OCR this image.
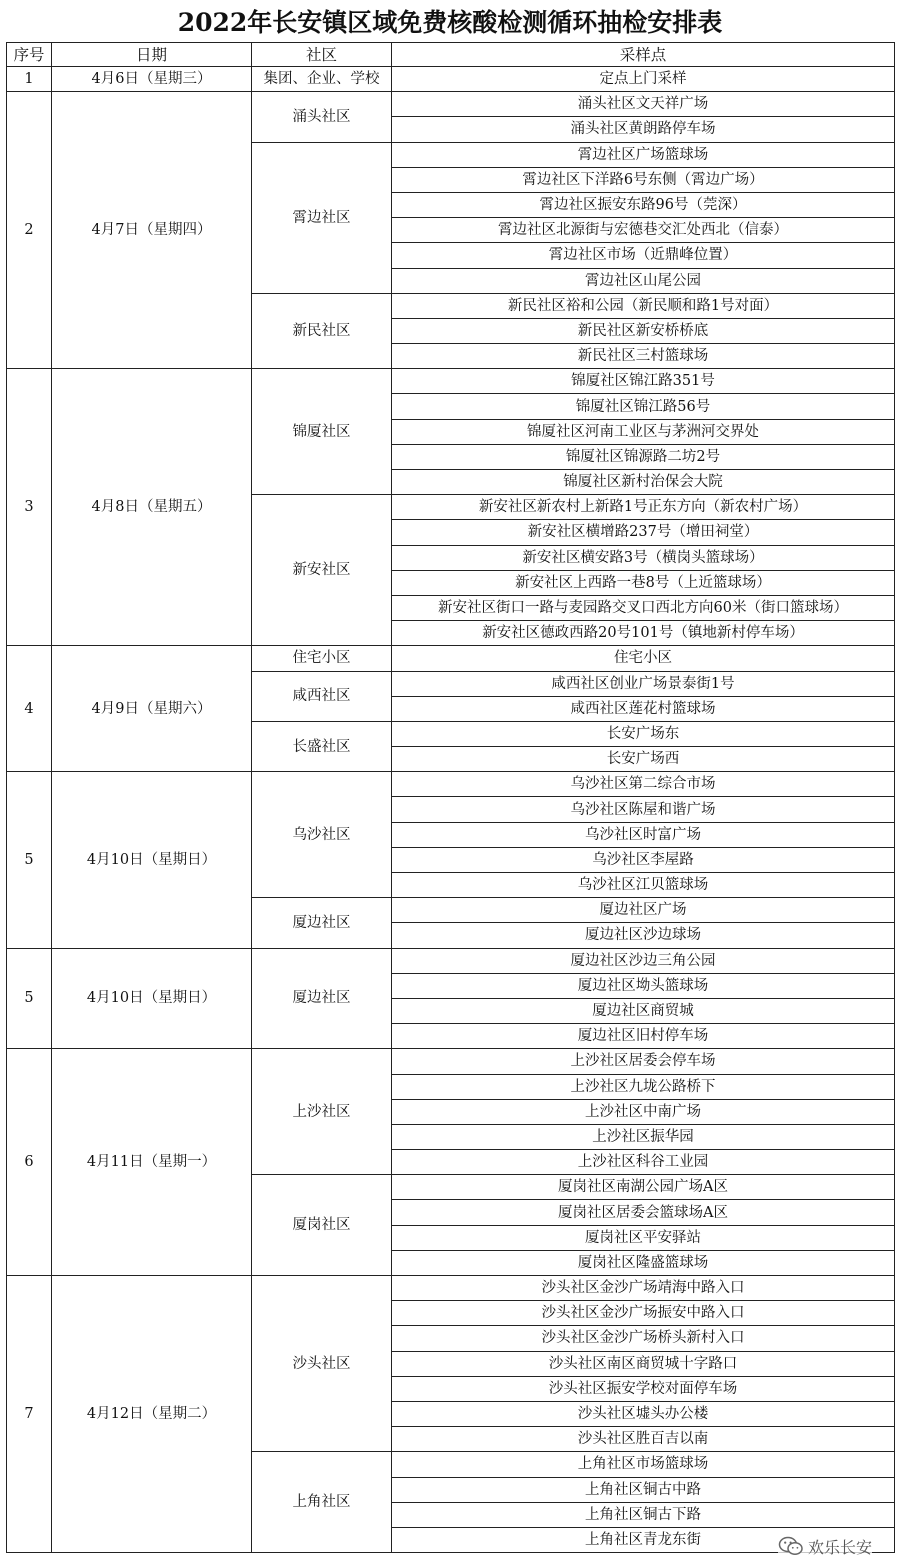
2022年长安镇区域免费核酸检测循环抽检安排表
序号	日期	社区	采样点
1	4月6日（星期三）	集团、企业、学校	定点上门采样
2	4月7日（星期四）	涌头社区	涌头社区文天祥广场
			涌头社区黄朗路停车场
		霄边社区	霄边社区广场篮球场
			霄边社区下洋路6号东侧（霄边广场）
			霄边社区振安东路96号（莞深）
			霄边社区北源街与宏德巷交汇处西北（信泰）
			霄边社区市场（近鼎峰位置）
			霄边社区山尾公园
		新民社区	新民社区裕和公园（新民顺和路1号对面）
			新民社区新安桥桥底
			新民社区三村篮球场
3	4月8日（星期五）	锦厦社区	锦厦社区锦江路351号
			锦厦社区锦江路56号
			锦厦社区河南工业区与茅洲河交界处
			锦厦社区锦源路二坊2号
			锦厦社区新村治保会大院
		新安社区	新安社区新农村上新路1号正东方向（新农村广场）
			新安社区横增路237号（增田祠堂）
			新安社区横安路3号（横岗头篮球场）
			新安社区上西路一巷8号（上近篮球场）
			新安社区街口一路与麦园路交叉口西北方向60米（街口篮球场）
			新安社区德政西路20号101号（镇地新村停车场）
4	4月9日（星期六）	住宅小区	住宅小区
		咸西社区	咸西社区创业广场景泰街1号
			咸西社区莲花村篮球场
		长盛社区	长安广场东
			长安广场西
5	4月10日（星期日）	乌沙社区	乌沙社区第二综合市场
			乌沙社区陈屋和谐广场
			乌沙社区时富广场
			乌沙社区李屋路
			乌沙社区江贝篮球场
		厦边社区	厦边社区广场
			厦边社区沙边球场
5	4月10日（星期日）	厦边社区	厦边社区沙边三角公园
			厦边社区坳头篮球场
			厦边社区商贸城
			厦边社区旧村停车场
6	4月11日（星期一）	上沙社区	上沙社区居委会停车场
			上沙社区九垅公路桥下
			上沙社区中南广场
			上沙社区振华园
			上沙社区科谷工业园
		厦岗社区	厦岗社区南湖公园广场A区
			厦岗社区居委会篮球场A区
			厦岗社区平安驿站
			厦岗社区隆盛篮球场
7	4月12日（星期二）	沙头社区	沙头社区金沙广场靖海中路入口
			沙头社区金沙广场振安中路入口
			沙头社区金沙广场桥头新村入口
			沙头社区南区商贸城十字路口
			沙头社区振安学校对面停车场
			沙头社区墟头办公楼
			沙头社区胜百吉以南
		上角社区	上角社区市场篮球场
			上角社区铜古中路
			上角社区铜古下路
			上角社区青龙东街	欢乐长安
